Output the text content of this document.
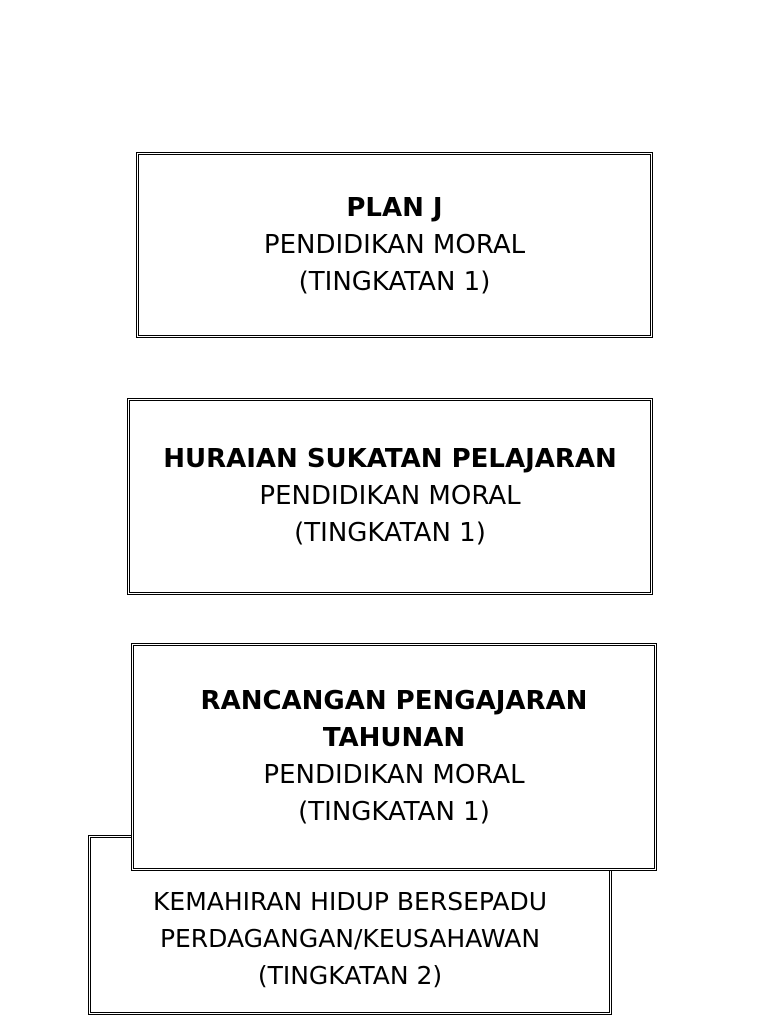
KEMAHIRAN HIDUP BERSEPADU
PERDAGANGAN/KEUSAHAWAN
(TINGKATAN 2)
PLAN J
PENDIDIKAN MORAL
(TINGKATAN 1)
HURAIAN SUKATAN PELAJARAN
PENDIDIKAN MORAL
(TINGKATAN 1)
RANCANGAN PENGAJARAN
TAHUNAN
PENDIDIKAN MORAL
(TINGKATAN 1)
